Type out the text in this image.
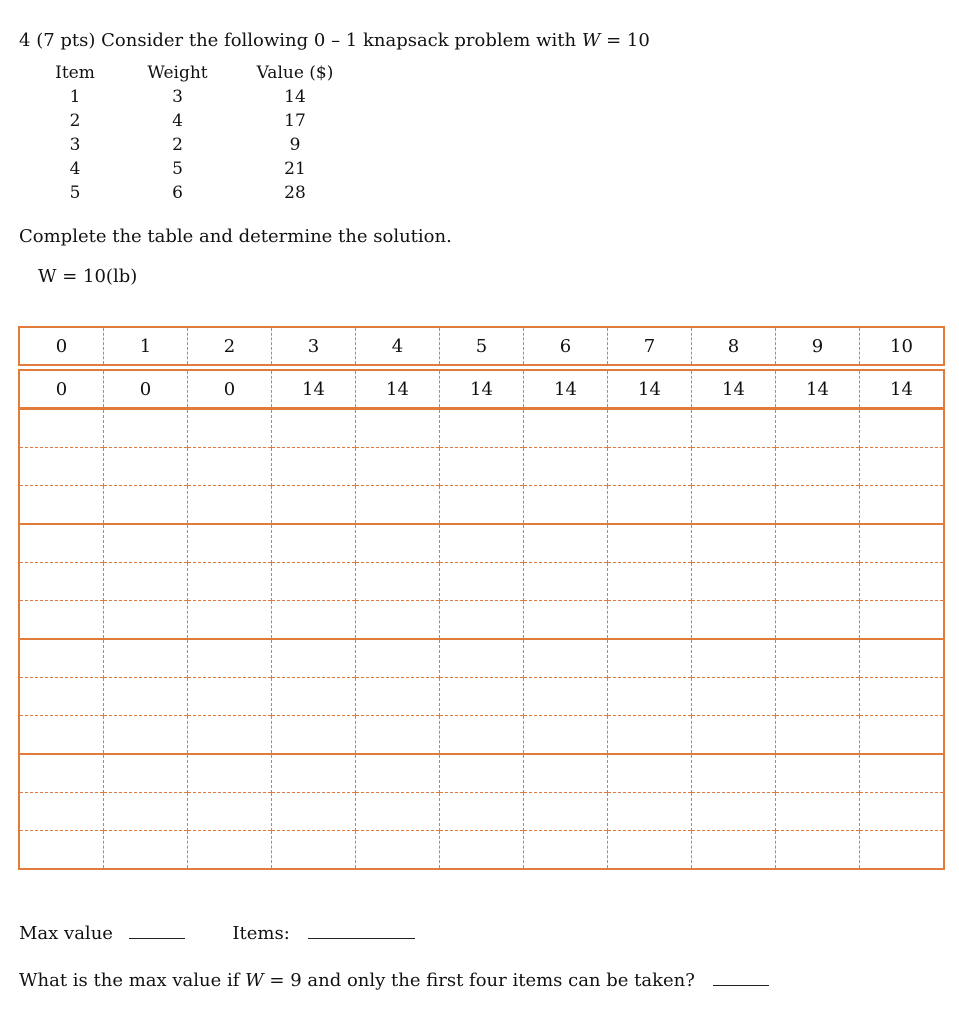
4 (7 pts) Consider the following 0 – 1 knapsack problem with W = 10
Item	Weight	Value ($)
1	3	14
2	4	17
3	2	9
4	5	21
5	6	28
Complete the table and determine the solution.
W = 10(lb)
0	1	2	3	4	5	6	7	8	9	10
0	0	0	14	14	14	14	14	14	14	14

Max value	Items:
What is the max value if W = 9 and only the first four items can be taken?
